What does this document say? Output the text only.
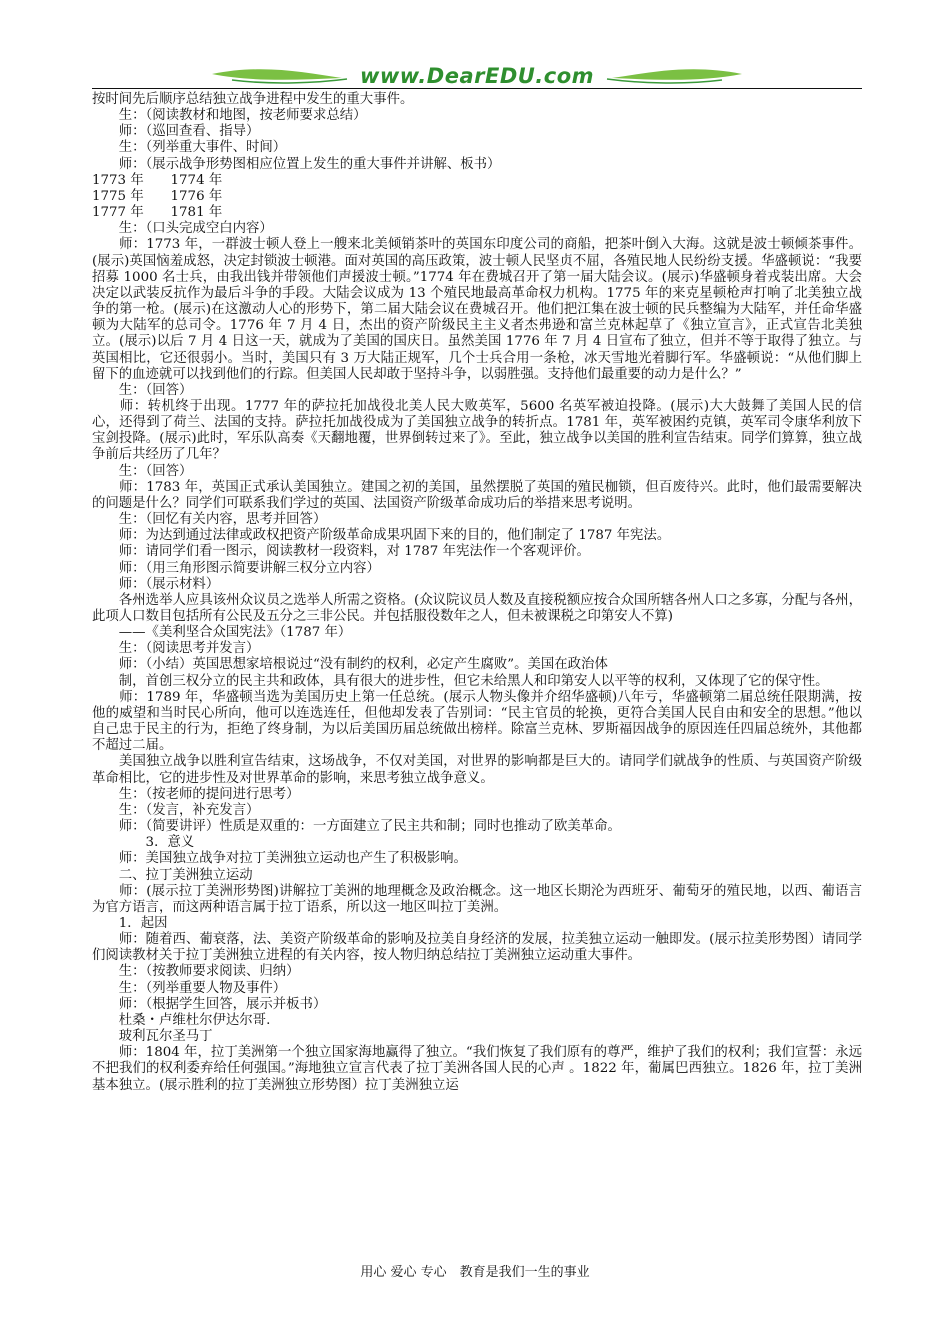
www.DearEDU.com

按时间先后顺序总结独立战争进程中发生的重大事件。

　　生：（阅读教材和地图，按老师要求总结）

　　师：（巡回查看、指导）

　　生：（列举重大事件、时间）

　　师：（展示战争形势图相应位置上发生的重大事件并讲解、板书）

1773 年　　1774 年

1775 年　　1776 年

1777 年　　1781 年

　　生：（口头完成空白内容）

　　师：1773 年，一群波士顿人登上一艘来北美倾销茶叶的英国东印度公司的商船，把茶叶倒入大海。这就是波士顿倾茶事件。(展示)英国恼羞成怒，决定封锁波士顿港。面对英国的高压政策，波士顿人民坚贞不屈，各殖民地人民纷纷支援。华盛顿说：“我要招募 1000 名士兵，由我出钱并带领他们声援波士顿。”1774 年在费城召开了第一届大陆会议。(展示)华盛顿身着戎装出席。大会决定以武装反抗作为最后斗争的手段。大陆会议成为 13 个殖民地最高革命权力机构。1775 年的来克星顿枪声打响了北美独立战争的第一枪。(展示)在这激动人心的形势下，第二届大陆会议在费城召开。他们把江集在波士顿的民兵整编为大陆军，并任命华盛顿为大陆军的总司令。1776 年 7 月 4 日，杰出的资产阶级民主主义者杰弗逊和富兰克林起草了《独立宣言》，正式宣告北美独立。(展示)以后 7 月 4 日这一天，就成为了美国的国庆日。虽然美国 1776 年 7 月 4 日宣布了独立，但并不等于取得了独立。与英国相比，它还很弱小。当时，美国只有 3 万大陆正规军，几个士兵合用一条枪，冰天雪地光着脚行军。华盛顿说：“从他们脚上留下的血迹就可以找到他们的行踪。但美国人民却敢于坚持斗争，以弱胜强。支持他们最重要的动力是什么？”

　　生：（回答）

　　师：转机终于出现。1777 年的萨拉托加战役北美人民大败英军，5600 名英军被迫投降。(展示)大大鼓舞了美国人民的信心，还得到了荷兰、法国的支持。萨拉托加战役成为了美国独立战争的转折点。1781 年，英军被困约克镇，英军司令康华利放下宝剑投降。(展示)此时，军乐队高奏《天翻地覆，世界倒转过来了》。至此，独立战争以美国的胜利宣告结束。同学们算算，独立战争前后共经历了几年？

　　生：（回答）

　　师：1783 年，英国正式承认美国独立。建国之初的美国，虽然摆脱了英国的殖民枷锁，但百废待兴。此时，他们最需要解决的问题是什么？同学们可联系我们学过的英国、法国资产阶级革命成功后的举措来思考说明。

　　生：（回忆有关内容，思考并回答）

　　师：为达到通过法律或政权把资产阶级革命成果巩固下来的目的，他们制定了 1787 年宪法。

　　师：请同学们看一图示，阅读教材一段资料，对 1787 年宪法作一个客观评价。

　　师：（用三角形图示简要讲解三权分立内容）

　　师：（展示材料）

　　各州选举人应具该州众议员之选举人所需之资格。(众议院议员人数及直接税额应按合众国所辖各州人口之多寡，分配与各州，此项人口数目包括所有公民及五分之三非公民。并包括服役数年之人，但未被课税之印第安人不算)

　　——《美利坚合众国宪法》（1787 年）

　　生：（阅读思考并发言）

　　师：（小结）英国思想家培根说过“没有制约的权利，必定产生腐败”。美国在政治体

　　制，首创三权分立的民主共和政体，具有很大的进步性，但它未给黑人和印第安人以平等的权利，又体现了它的保守性。

　　师：1789 年，华盛顿当选为美国历史上第一任总统。(展示人物头像并介绍华盛顿)八年亏，华盛顿第二届总统任限期满，按他的威望和当时民心所向，他可以连选连任，但他却发表了告别词：“民主官员的轮换，更符合美国人民自由和安全的思想。”他以自己忠于民主的行为，拒绝了终身制，为以后美国历届总统做出榜样。除富兰克林、罗斯福因战争的原因连任四届总统外，其他都不超过二届。

　　美国独立战争以胜利宣告结束，这场战争，不仅对美国，对世界的影响都是巨大的。请同学们就战争的性质、与英国资产阶级革命相比，它的进步性及对世界革命的影响，来思考独立战争意义。

　　生：（按老师的提问进行思考）

　　生：（发言，补充发言）

　　师：（简要讲评）性质是双重的：一方面建立了民主共和制；同时也推动了欧美革命。

　　　　3．意义

　　师：美国独立战争对拉丁美洲独立运动也产生了积极影响。

　　二、拉丁美洲独立运动

　　师：(展示拉丁美洲形势图)讲解拉丁美洲的地理概念及政治概念。这一地区长期沦为西班牙、葡萄牙的殖民地，以西、葡语言为官方语言，而这两种语言属于拉丁语系，所以这一地区叫拉丁美洲。

　　1．起因

　　师：随着西、葡衰落，法、美资产阶级革命的影响及拉美自身经济的发展，拉美独立运动一触即发。(展示拉美形势图）请同学们阅读教材关于拉丁美洲独立进程的有关内容，按人物归纳总结拉丁美洲独立运动重大事件。

　　生：（按教师要求阅读、归纳）

　　生：（列举重要人物及事件）

　　师：（根据学生回答，展示并板书）

　　杜桑・卢维杜尔伊达尔哥.

　　玻利瓦尔圣马丁

　　师：1804 年，拉丁美洲第一个独立国家海地赢得了独立。“我们恢复了我们原有的尊严，维护了我们的权利；我们宣誓：永远不把我们的权利委弃给任何强国。”海地独立宣言代表了拉丁美洲各国人民的心声 。1822 年，葡属巴西独立。1826 年，拉丁美洲基本独立。(展示胜利的拉丁美洲独立形势图）拉丁美洲独立运

用心 爱心 专心　教育是我们一生的事业
